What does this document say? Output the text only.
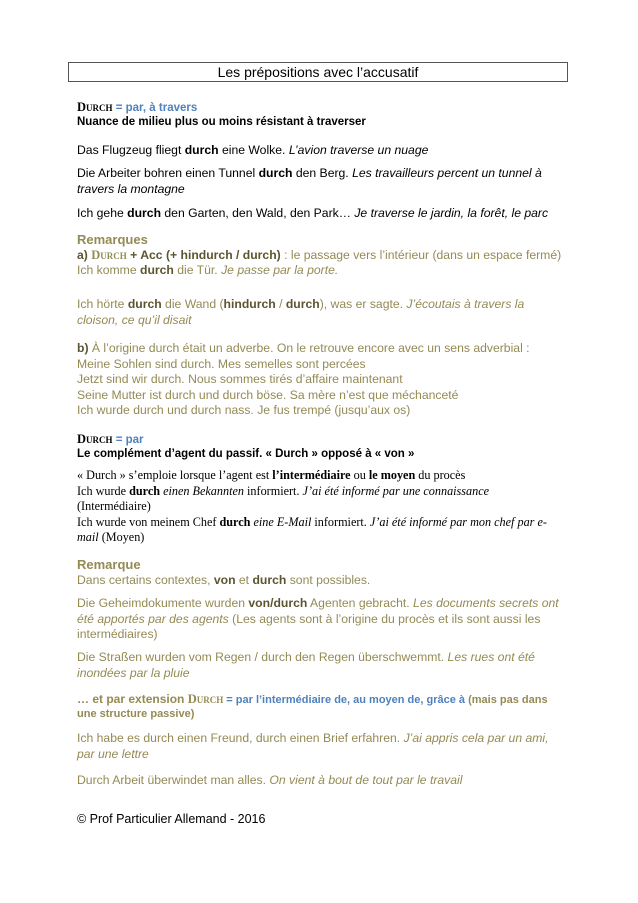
Les prépositions avec l’accusatif
Durch = par, à travers
Nuance de milieu plus ou moins résistant à traverser
Das Flugzeug fliegt durch eine Wolke. L’avion traverse un nuage
Die Arbeiter bohren einen Tunnel durch den Berg. Les travailleurs percent un tunnel à travers la montagne
Ich gehe durch den Garten, den Wald, den Park… Je traverse le jardin, la forêt, le parc
Remarques
a) Durch + Acc (+ hindurch / durch) : le passage vers l’intérieur (dans un espace fermé)
Ich komme durch die Tür. Je passe par la porte.
Ich hörte durch die Wand (hindurch / durch), was er sagte. J’écoutais à travers la cloison, ce qu’il disait
b) À l’origine durch était un adverbe. On le retrouve encore avec un sens adverbial :
Meine Sohlen sind durch. Mes semelles sont percées
Jetzt sind wir durch. Nous sommes tirés d’affaire maintenant
Seine Mutter ist durch und durch böse. Sa mère n’est que méchanceté
Ich wurde durch und durch nass. Je fus trempé (jusqu’aux os)
Durch = par
Le complément d’agent du passif. « Durch » opposé à « von »
« Durch » s’emploie lorsque l’agent est l’intermédiaire ou le moyen du procès
Ich wurde durch einen Bekannten informiert. J’ai été informé par une connaissance
(Intermédiaire)
Ich wurde von meinem Chef durch eine E-Mail informiert. J’ai été informé par mon chef par e-mail (Moyen)
Remarque
Dans certains contextes, von et durch sont possibles.
Die Geheimdokumente wurden von/durch Agenten gebracht. Les documents secrets ont été apportés par des agents (Les agents sont à l’origine du procès et ils sont aussi les intermédiaires)
Die Straßen wurden vom Regen / durch den Regen überschwemmt. Les rues ont été inondées par la pluie
… et par extension Durch = par l’intermédiaire de, au moyen de, grâce à (mais pas dans une structure passive)
Ich habe es durch einen Freund, durch einen Brief erfahren. J’ai appris cela par un ami, par une lettre
Durch Arbeit überwindet man alles. On vient à bout de tout par le travail
© Prof Particulier Allemand - 2016
